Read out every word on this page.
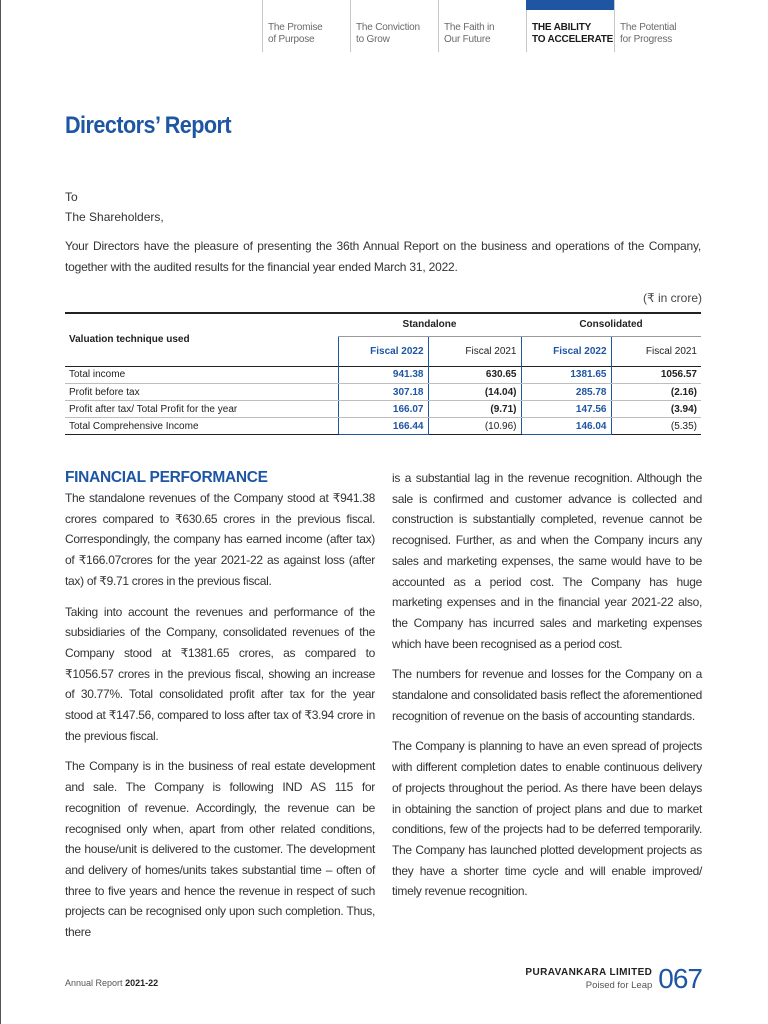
The Promise
of Purpose
The Conviction
to Grow
The Faith in
Our Future
THE ABILITY
TO ACCELERATE
The Potential
for Progress
Directors’ Report
To
The Shareholders,

Your Directors have the pleasure of presenting the 36th Annual Report on the business and operations of the Company, together with the audited results for the financial year ended March 31, 2022.

(₹ in crore)

Valuation technique used	Standalone		Consolidated	
	Fiscal 2022	Fiscal 2021	Fiscal 2022	Fiscal 2021

Total income	941.38	630.65	1381.65	1056.57
Profit before tax	307.18	(14.04)	285.78	(2.16)
Profit after tax/ Total Profit for the year	166.07	(9.71)	147.56	(3.94)
Total Comprehensive Income	166.44	(10.96)	146.04	(5.35)
FINANCIAL PERFORMANCE

The standalone revenues of the Company stood at ₹941.38 crores compared to ₹630.65 crores in the previous fiscal. Correspondingly, the company has earned income (after tax) of ₹166.07crores for the year 2021-22 as against loss (after tax) of ₹9.71 crores in the previous fiscal.

Taking into account the revenues and performance of the subsidiaries of the Company, consolidated revenues of the Company stood at ₹1381.65 crores, as compared to ₹1056.57 crores in the previous fiscal, showing an increase of 30.77%. Total consolidated profit after tax for the year stood at ₹147.56, compared to loss after tax of ₹3.94 crore in the previous fiscal.

The Company is in the business of real estate development and sale. The Company is following IND AS 115 for recognition of revenue. Accordingly, the revenue can be recognised only when, apart from other related conditions, the house/unit is delivered to the customer. The development and delivery of homes/units takes substantial time – often of three to five years and hence the revenue in respect of such projects can be recognised only upon such completion. Thus, there

is a substantial lag in the revenue recognition. Although the sale is confirmed and customer advance is collected and construction is substantially completed, revenue cannot be recognised. Further, as and when the Company incurs any sales and marketing expenses, the same would have to be accounted as a period cost. The Company has huge marketing expenses and in the financial year 2021-22 also, the Company has incurred sales and marketing expenses which have been recognised as a period cost.

The numbers for revenue and losses for the Company on a standalone and consolidated basis reflect the aforementioned recognition of revenue on the basis of accounting standards.

The Company is planning to have an even spread of projects with different completion dates to enable continuous delivery of projects throughout the period. As there have been delays in obtaining the sanction of project plans and due to market conditions, few of the projects had to be deferred temporarily. The Company has launched plotted development projects as they have a shorter time cycle and will enable improved/ timely revenue recognition.

Annual Report 2021-22
PURAVANKARA LIMITED
Poised for Leap 067
